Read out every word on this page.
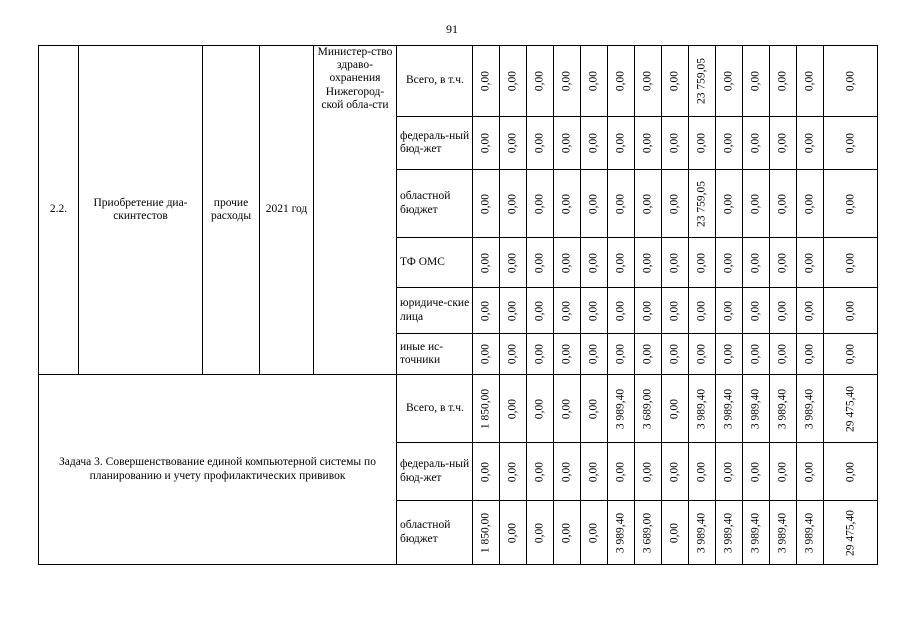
91
2.2.	Приобретение диа-скинтестов	прочие расходы	2021 год	Министер-ство здраво-охранения Нижегород-ской обла-сти	Всего, в т.ч.	0,00	0,00	0,00	0,00	0,00	0,00	0,00	0,00	23 759,05	0,00	0,00	0,00	0,00	0,00

					федераль-ный бюд-жет	0,00	0,00	0,00	0,00	0,00	0,00	0,00	0,00	0,00	0,00	0,00	0,00	0,00	0,00

					областной бюджет	0,00	0,00	0,00	0,00	0,00	0,00	0,00	0,00	23 759,05	0,00	0,00	0,00	0,00	0,00

					ТФ ОМС	0,00	0,00	0,00	0,00	0,00	0,00	0,00	0,00	0,00	0,00	0,00	0,00	0,00	0,00

					юридиче-ские лица	0,00	0,00	0,00	0,00	0,00	0,00	0,00	0,00	0,00	0,00	0,00	0,00	0,00	0,00

					иные ис-точники	0,00	0,00	0,00	0,00	0,00	0,00	0,00	0,00	0,00	0,00	0,00	0,00	0,00	0,00

Задача 3. Совершенствование единой компьютерной системы по планированию и учету профилактических прививок					Всего, в т.ч.	1 850,00	0,00	0,00	0,00	0,00	3 989,40	3 689,00	0,00	3 989,40	3 989,40	3 989,40	3 989,40	3 989,40	29 475,40

					федераль-ный бюд-жет	0,00	0,00	0,00	0,00	0,00	0,00	0,00	0,00	0,00	0,00	0,00	0,00	0,00	0,00

					областной бюджет	1 850,00	0,00	0,00	0,00	0,00	3 989,40	3 689,00	0,00	3 989,40	3 989,40	3 989,40	3 989,40	3 989,40	29 475,40
